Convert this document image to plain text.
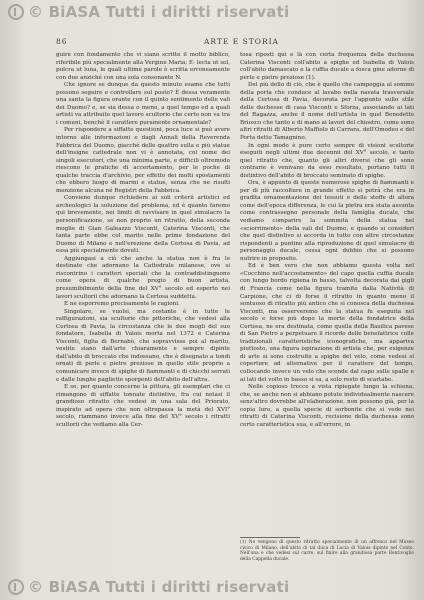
© BiASA Tutti i diritti riservati
86	ARTE E STORIA

guire con fondamento che vi siano scritte il motto biblico, riferibile più specialmente alla Vergine Maria; E- lecta ut sol, pulcra ut luna, le quali ultime parole è scritta erroneamente con due anziché con una sola consonante N.

Che ignore se dunque da questo minuto esame che tutti possono seguire e controllare sul posto? È dessa veramente una santa la figura orante con il quinto sentimento delle vali dei Duomo? e, se sia dessa o meno, a quel tempo ed a quali artisti va attribuito quel lavoro scultorio che certo non va tra i comuni, benchè il carattere puramente ornamentale?

Per rispondere a siffatte questioni, poca luce si può avere intorno alle informazioni e dagli Annali della Reverenda Fabbrica del Duomo, giacchè delle quattro sulla e più statue dell'insigne cattedrale non vi è annotata, col nome dei singoli esecutori, che una minima parte, e difficili oltremodo riescono le pratiche di accertamento, per le poche di qualche traccia d'archivio, per effetto dei molti spostamenti che ebbero luogo di marmi e statue, senza che ne risulti menzione alcuna né Registri della Fabbrica.

Conviene dunque richiedere ai soli criterii artistici ed archeologici la soluzione del problema, ed è quanto faremo qui brevemente, nei limiti di ravvisare in quel simulacro la personificazione, se non proprio un ritratto, della seconda moglie di Gian Galeazzo Visconti, Caterina Visconti, che tanta parte ebbe col marito nelle prime fondazione del Duomo di Milano e nell'erezione della Certosa di Pavia, ad essa più specialmente dovuti.

Aggiungasi a ciò che anche la statua non è fra le destinate che adornano la Cattedrale milanese, ove si riscontrino i caratteri speciali che la contraddistinguono come opera di qualche pregio di buon artista, presumibilmente della fine del XV° secolo ed esperto nei lavori scultorii che adornano la Certosa suddetta.

E ne esporremo precisamente le ragioni.

Singolare, se vuolsi, ma costante è in tutte le raffigurazioni, sia scultorie che pittoriche, che vedesi alla Certosa di Pavia, la circostanza che le due mogli del suo fondatore, Isabella di Valois morta nel 1372 e Caterina Visconti, figlia di Bernabò, che sopravvisse poi al marito, vestite siano dall'arte chiaramente e sempre dipinte dall'abito di broccato che indossano, che è disegnato a tondi ornati di perle e pietre preziose in quello stile proprio a comunicare invece di spighe di fiammanti e di chicchi serrati e dalle lunghe pagliette sporgenti dell'abito dell'altra.

E se, per quanto concerne la pittura, gli esemplari che ci rimangono di siffatte tonnate distintive, fra cui notasi il grandioso ritratto che vedesi in una sala del Priorato, inspirato ad opera che non oltrepassa la metà del XVI° secolo, riammano invece alla fine del XV° secolo i ritratti scultorii che vediamo alla Cer-

tosa riposti qui e là con certa frequenza della duchessa Caterina Visconti coll'abito a spighe ed Isabella di Valois coll'abito damascato e la cuffia ducale a fosca gine adorne di perle e pietre preziose (1).

Del più dello di ciò, che è quello che campeggia al sommo della porta che conduce al lavabo nella navata trasversale della Certosa di Pavia, decorata per l'appunto sullo stile delle duchesse di casa Visconti e Sforza, associando ai lati del Ragazza, anche il nome dell'artista in quel Benedetto Briosco che tanto e di mano ai lavori del chiostro, come sono altri ritratti di Alberto Maffiolo di Carrara, dell'Omodeo e del Porta detto Tamagnino.

In ogni modo è pure certo sempre di visioni scultorie eseguiti negli ultimi due decennii del XV° secolo, e tanto quel ritratto che, quanto gli altri diversi che gli sono contrarie è venivano da esso resultato, portano tutti il distintivo dell'abito di broccato seminato di spighe.

Ora, è appunto di queste numerose spighe di fiammanti e per di più raccolture in grande effetto si potrà che era in gradita ornamentazione dei tessuti e delle stoffe di allora come dell'epoca differenza, le cui la pietra era stata assunta come contrassegno personale della famiglia ducale, che vediamo comparire la sommità della statua nel «sciorrimento» della vali del Duomo, e quando si consideri che quel distintivo si accorda in tutto con altre circostanze rispondenti a puntino alla riproduzione di quel simulacro di personaggio ducale, cessa ogni dubbio che si possono nutrire in proposito.

Ed è ben vero che non abbiamo questa volta nel «Cocchino nell'accostamento» del capo quella cuffia ducale con lungo bordo ripiena in basso, talvolta decorata dai gigli di Francia come nella figura tramite dalla Natività di Carpione, che ci di forse il ritratto in quanto meno il sontuoso di ritratto più antico che si conosca della duchessa Visconti, ma osserveremo che la statua fu eseguita nel secolo e forse più dopo la morte della fondatrice della Certosa, ne era destinata, come quella della Basilica pavese di San Pietro a perpetuare il ricordo delle benefattrice colle tradizionali caratteristiche iconografiche, ma appariva piuttosto, una figura ispirazione di artista che, per esigenze di arte si sono costruite a spighe del velo, come vedesi si coperture ad alternative per il carattere del tempo, collocando invece un velo che scende dal capo sulle spalle e ai lati del volto in basso si sa, a solo resto di scartabo.

Nelle copioso trecce a vista ripiegate lungo la schiena, che, se anche non si abbiano potute individualmente nascere senz'altro dovrebbe all'elaborazione, non possono già, per la copia loro, a quella specie di sorbonite che si vede nei ritratti di Caterina Visconti, recisione della duchessa sono certo caratteristica sua, e all'errore, in

(1) Ne vengono di questo ritratto specialmente di un affresco nel Museo civico di Milano, dell'abito di tal duca di Lucia di Valois dipinto nel Conte. Nell'una e che vedesi sul carre, sul finire alla grandiosa parte Bentivoglio della Cappella ducale.
© BiASA Tutti i diritti riservati
